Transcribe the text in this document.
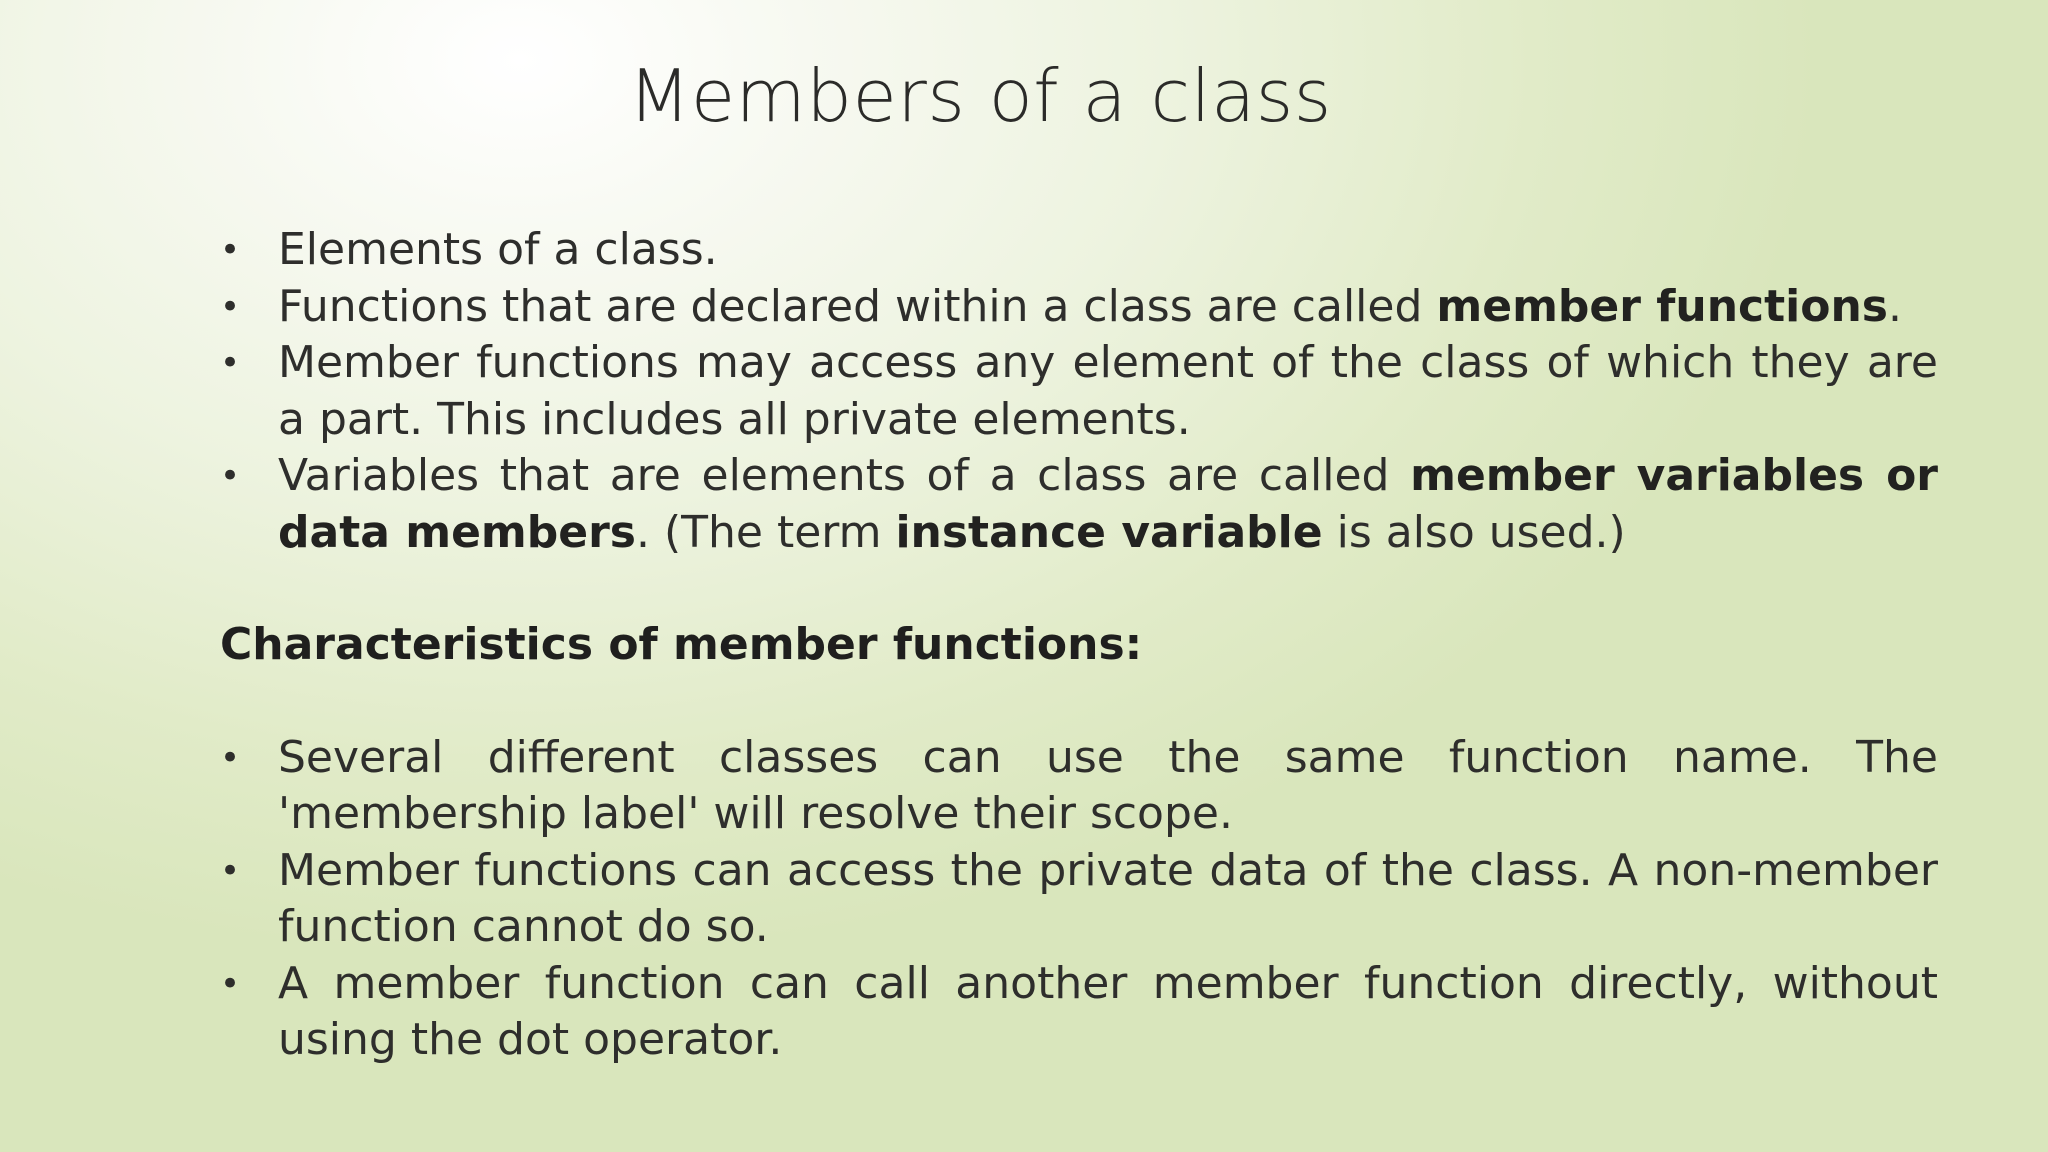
Members of a class
• Elements of a class.
• Functions that are declared within a class are called member functions.
• Member functions may access any element of the class of which they are a part. This includes all private elements.
• Variables that are elements of a class are called member variables or data members. (The term instance variable is also used.)
Characteristics of member functions:
• Several different classes can use the same function name. The 'membership label' will resolve their scope.
• Member functions can access the private data of the class. A non-member function cannot do so.
• A member function can call another member function directly, without using the dot operator.
